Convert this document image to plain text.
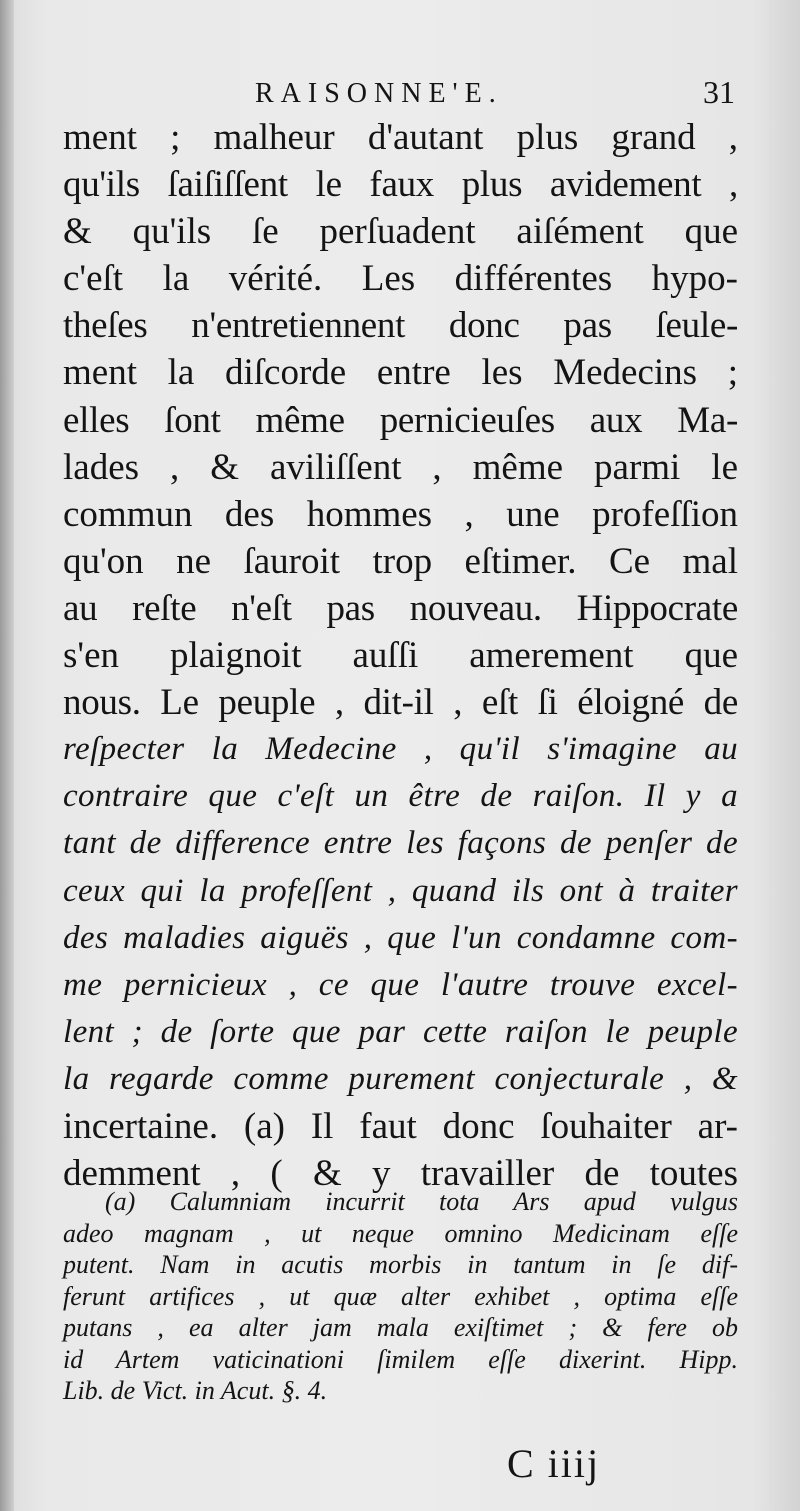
RAISONNE'E.	31
ment ; malheur d'autant plus grand ,
qu'ils ſaiſiſſent le faux plus avidement ,
& qu'ils ſe perſuadent aiſément que
c'eſt la vérité. Les différentes hypo-
theſes n'entretiennent donc pas ſeule-
ment la diſcorde entre les Medecins ;
elles ſont même pernicieuſes aux Ma-
lades , & aviliſſent , même parmi le
commun des hommes , une profeſſion
qu'on ne ſauroit trop eſtimer. Ce mal
au reſte n'eſt pas nouveau. Hippocrate
s'en plaignoit auſſi amerement que
nous. Le peuple , dit-il , eſt ſi éloigné de
reſpecter la Medecine , qu'il s'imagine au
contraire que c'eſt un être de raiſon. Il y a
tant de difference entre les façons de penſer de
ceux qui la profeſſent , quand ils ont à traiter
des maladies aiguës , que l'un condamne com-
me pernicieux , ce que l'autre trouve excel-
lent ; de ſorte que par cette raiſon le peuple
la regarde comme purement conjecturale , &
incertaine. (a) Il faut donc ſouhaiter ar-
demment , ( & y travailler de toutes
(a) Calumniam incurrit tota Ars apud vulgus
adeo magnam , ut neque omnino Medicinam eſſe
putent. Nam in acutis morbis in tantum in ſe dif-
ferunt artifices , ut quæ alter exhibet , optima eſſe
putans , ea alter jam mala exiſtimet ; & fere ob
id Artem vaticinationi ſimilem eſſe dixerint. Hipp.
Lib. de Vict. in Acut. §. 4.
C iiij
